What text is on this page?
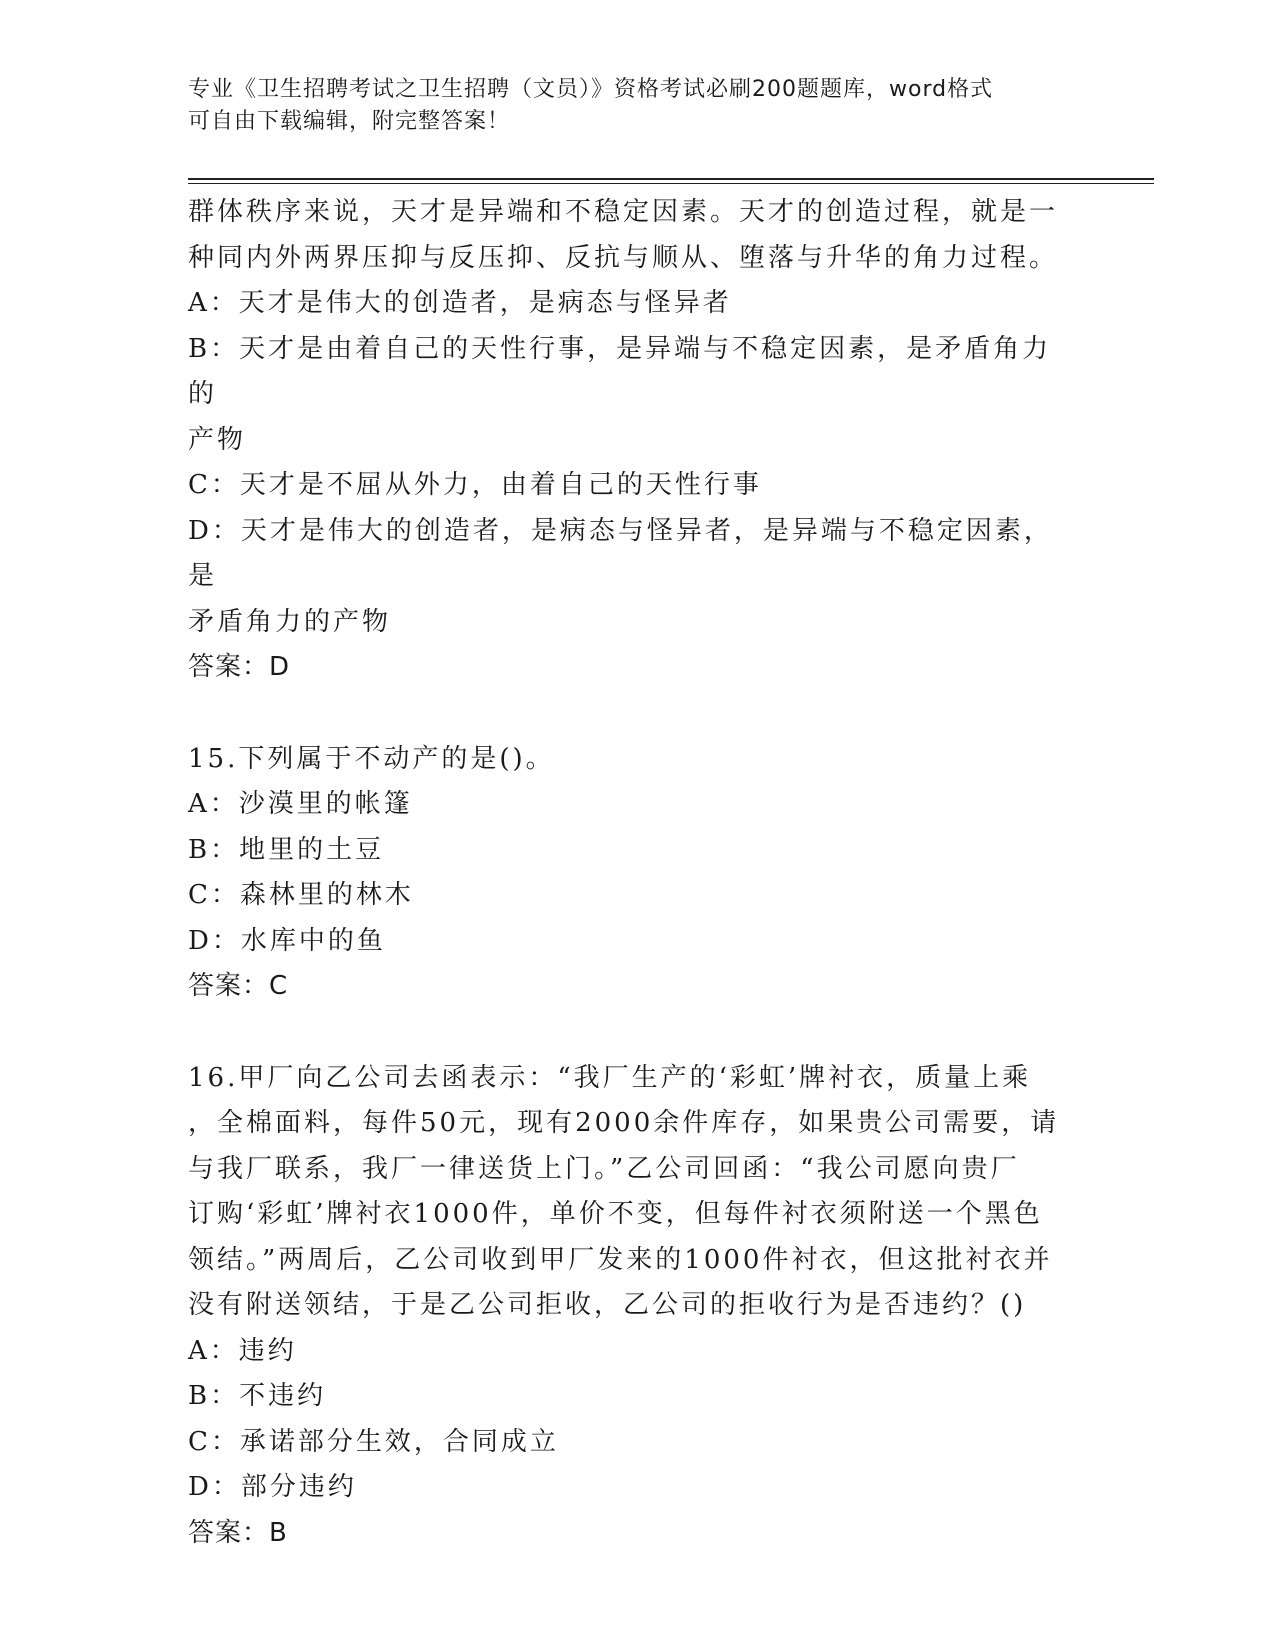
专业《卫生招聘考试之卫生招聘（文员）》资格考试必刷200题题库，word格式
可自由下载编辑，附完整答案！

群体秩序来说，天才是异端和不稳定因素。天才的创造过程，就是一

种同内外两界压抑与反压抑、反抗与顺从、堕落与升华的角力过程。

A：天才是伟大的创造者，是病态与怪异者

B：天才是由着自己的天性行事，是异端与不稳定因素，是矛盾角力的

产物

C：天才是不屈从外力，由着自己的天性行事

D：天才是伟大的创造者，是病态与怪异者，是异端与不稳定因素，是

矛盾角力的产物

答案：D

15.下列属于不动产的是()。

A：沙漠里的帐篷

B：地里的土豆

C：森林里的林木

D：水库中的鱼

答案：C

16.甲厂向乙公司去函表示：“我厂生产的‘彩虹’牌衬衣，质量上乘

，全棉面料，每件50元，现有2000余件库存，如果贵公司需要，请

与我厂联系，我厂一律送货上门。”乙公司回函：“我公司愿向贵厂

订购‘彩虹’牌衬衣1000件，单价不变，但每件衬衣须附送一个黑色

领结。”两周后，乙公司收到甲厂发来的1000件衬衣，但这批衬衣并

没有附送领结，于是乙公司拒收，乙公司的拒收行为是否违约？()

A：违约

B：不违约

C：承诺部分生效，合同成立

D：部分违约

答案：B
